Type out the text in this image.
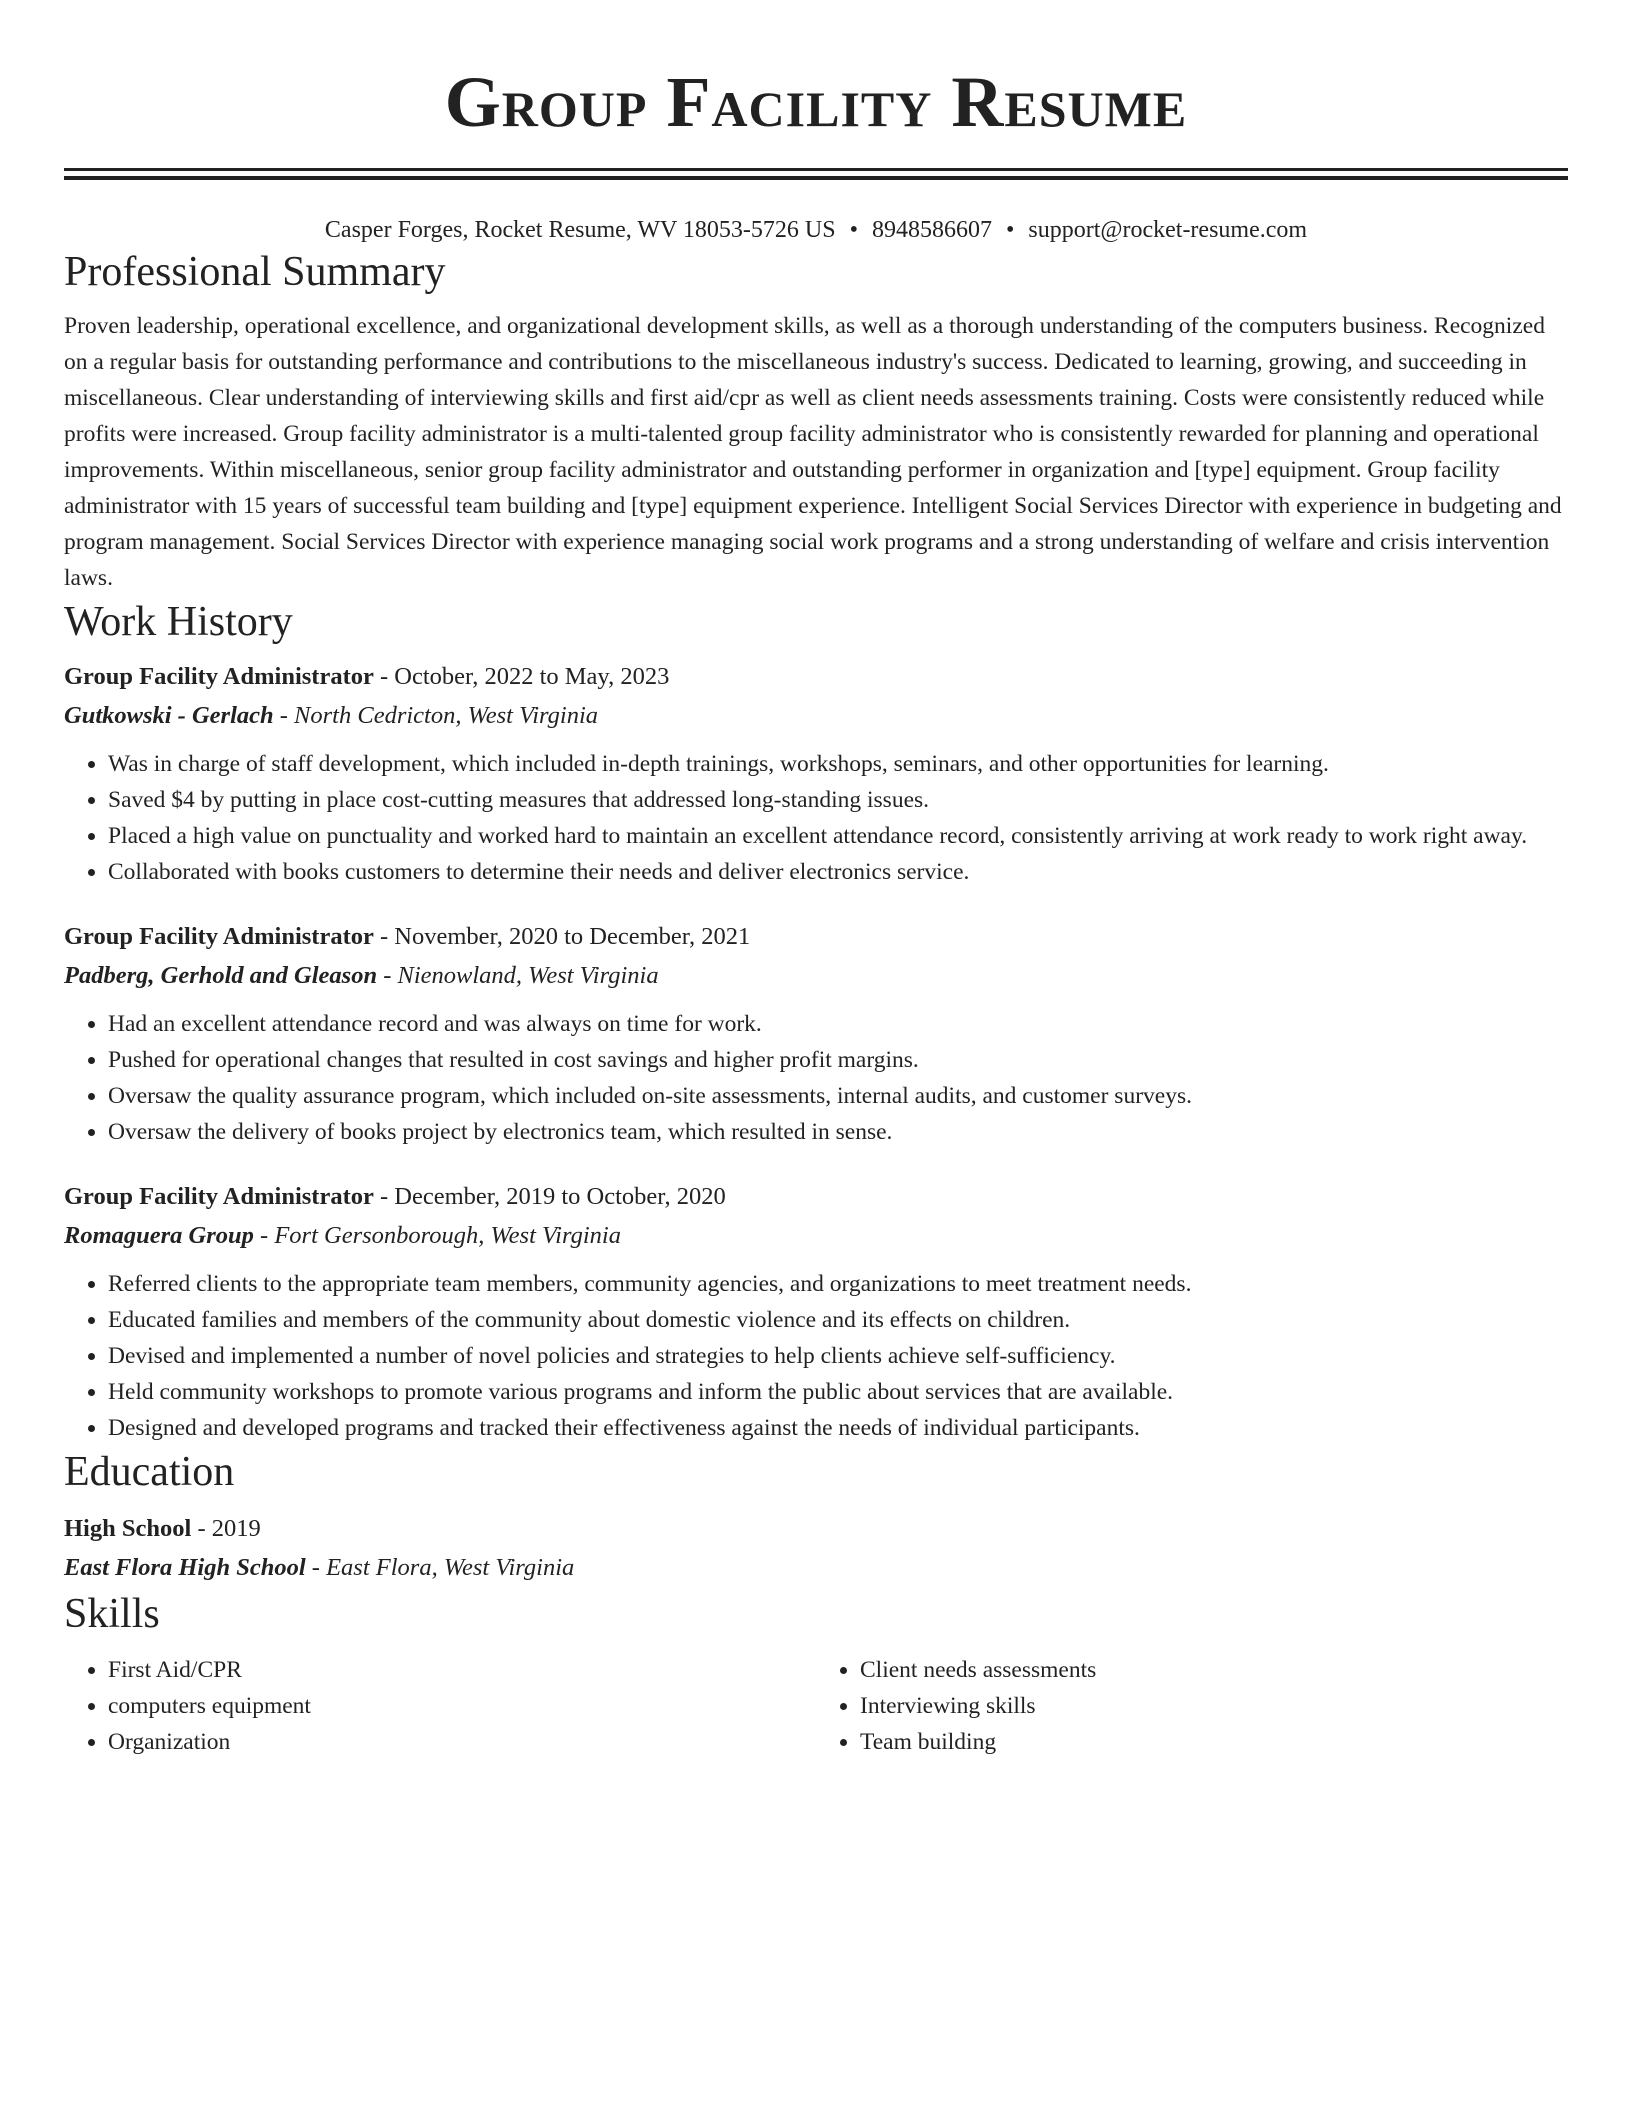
Group Facility Resume
Casper Forges, Rocket Resume, WV 18053-5726 US • 8948586607 • support@rocket-resume.com
Professional Summary
Proven leadership, operational excellence, and organizational development skills, as well as a thorough understanding of the computers business. Recognized on a regular basis for outstanding performance and contributions to the miscellaneous industry's success. Dedicated to learning, growing, and succeeding in miscellaneous. Clear understanding of interviewing skills and first aid/cpr as well as client needs assessments training. Costs were consistently reduced while profits were increased. Group facility administrator is a multi-talented group facility administrator who is consistently rewarded for planning and operational improvements. Within miscellaneous, senior group facility administrator and outstanding performer in organization and [type] equipment. Group facility administrator with 15 years of successful team building and [type] equipment experience. Intelligent Social Services Director with experience in budgeting and program management. Social Services Director with experience managing social work programs and a strong understanding of welfare and crisis intervention laws.
Work History
Group Facility Administrator - October, 2022 to May, 2023
Gutkowski - Gerlach - North Cedricton, West Virginia
• Was in charge of staff development, which included in-depth trainings, workshops, seminars, and other opportunities for learning.
• Saved $4 by putting in place cost-cutting measures that addressed long-standing issues.
• Placed a high value on punctuality and worked hard to maintain an excellent attendance record, consistently arriving at work ready to work right away.
• Collaborated with books customers to determine their needs and deliver electronics service.
Group Facility Administrator - November, 2020 to December, 2021
Padberg, Gerhold and Gleason - Nienowland, West Virginia
• Had an excellent attendance record and was always on time for work.
• Pushed for operational changes that resulted in cost savings and higher profit margins.
• Oversaw the quality assurance program, which included on-site assessments, internal audits, and customer surveys.
• Oversaw the delivery of books project by electronics team, which resulted in sense.
Group Facility Administrator - December, 2019 to October, 2020
Romaguera Group - Fort Gersonborough, West Virginia
• Referred clients to the appropriate team members, community agencies, and organizations to meet treatment needs.
• Educated families and members of the community about domestic violence and its effects on children.
• Devised and implemented a number of novel policies and strategies to help clients achieve self-sufficiency.
• Held community workshops to promote various programs and inform the public about services that are available.
• Designed and developed programs and tracked their effectiveness against the needs of individual participants.
Education
High School - 2019
East Flora High School - East Flora, West Virginia
Skills
• First Aid/CPR
• computers equipment
• Organization
• Client needs assessments
• Interviewing skills
• Team building
